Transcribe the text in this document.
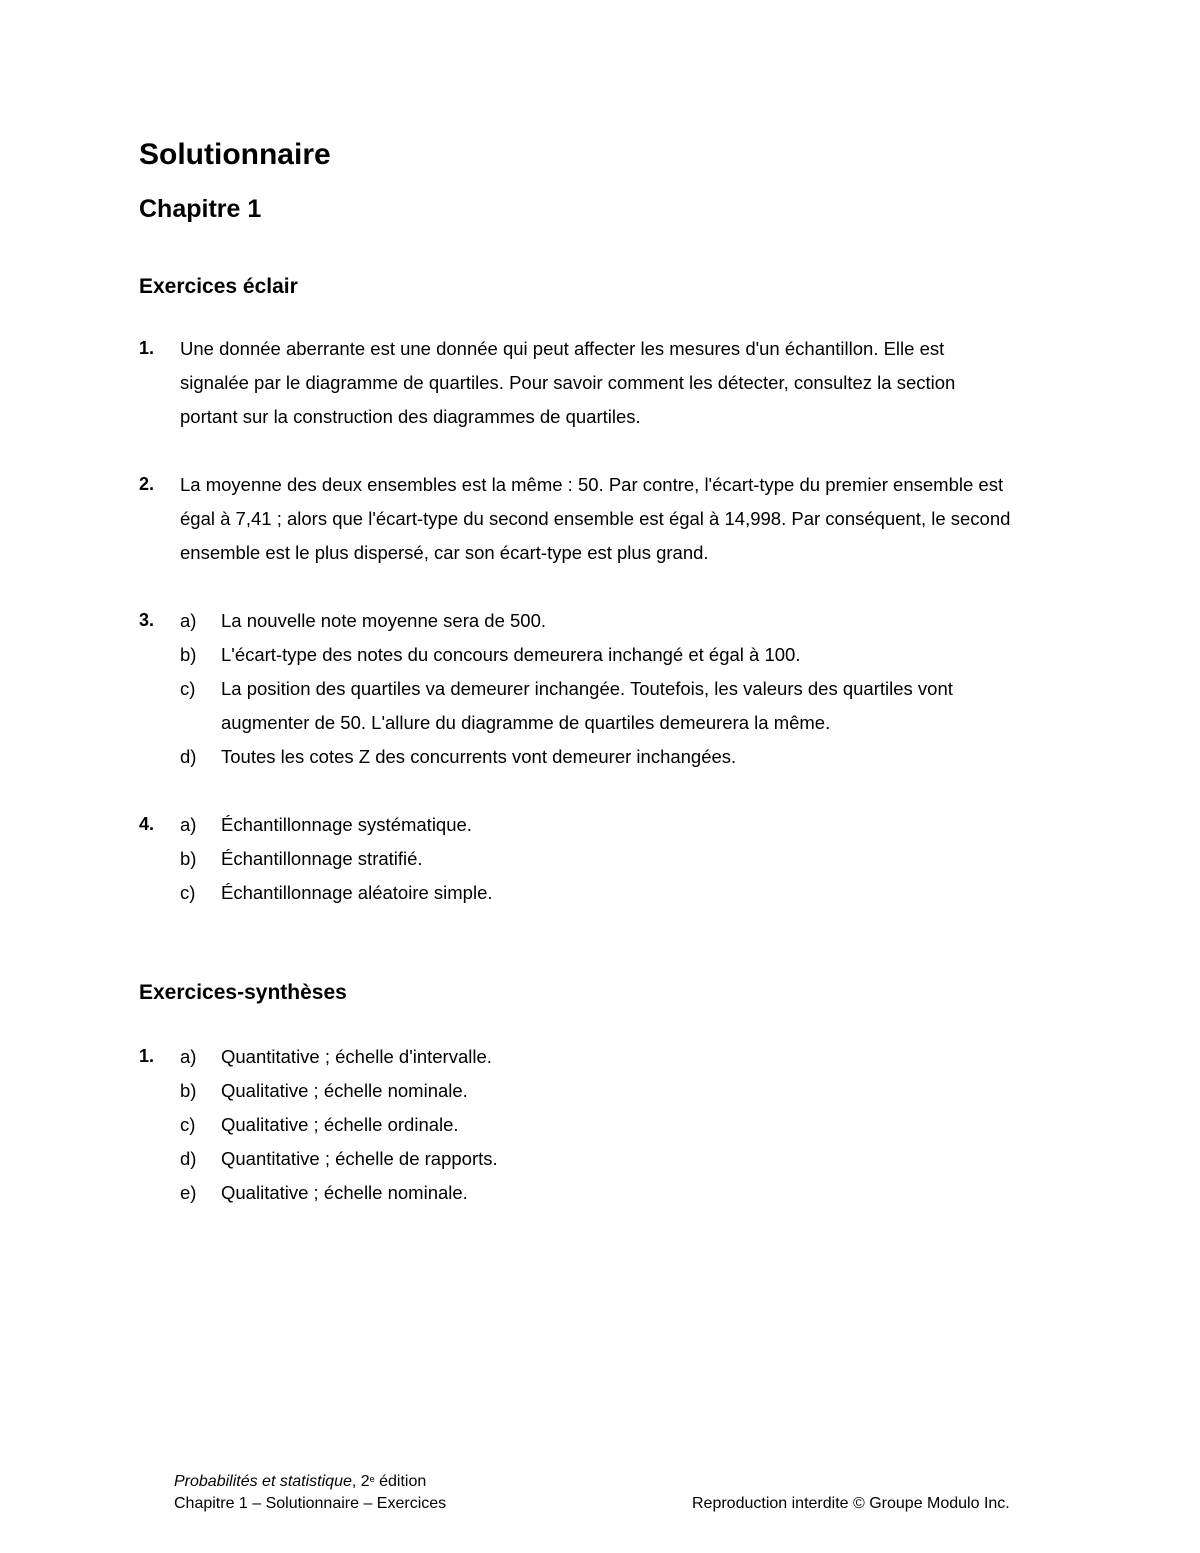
Solutionnaire
Chapitre 1
Exercices éclair
1. Une donnée aberrante est une donnée qui peut affecter les mesures d'un échantillon. Elle est
signalée par le diagramme de quartiles. Pour savoir comment les détecter, consultez la section
portant sur la construction des diagrammes de quartiles.
2. La moyenne des deux ensembles est la même : 50. Par contre, l'écart-type du premier ensemble est
égal à 7,41 ; alors que l'écart-type du second ensemble est égal à 14,998. Par conséquent, le second
ensemble est le plus dispersé, car son écart-type est plus grand.
3. a) La nouvelle note moyenne sera de 500.
b) L'écart-type des notes du concours demeurera inchangé et égal à 100.
c) La position des quartiles va demeurer inchangée. Toutefois, les valeurs des quartiles vont
augmenter de 50. L'allure du diagramme de quartiles demeurera la même.
d) Toutes les cotes Z des concurrents vont demeurer inchangées.
4. a) Échantillonnage systématique.
b) Échantillonnage stratifié.
c) Échantillonnage aléatoire simple.
Exercices-synthèses
1. a) Quantitative ; échelle d'intervalle.
b) Qualitative ; échelle nominale.
c) Qualitative ; échelle ordinale.
d) Quantitative ; échelle de rapports.
e) Qualitative ; échelle nominale.
Probabilités et statistique, 2e édition
Chapitre 1 – Solutionnaire – Exercices	Reproduction interdite © Groupe Modulo Inc.
